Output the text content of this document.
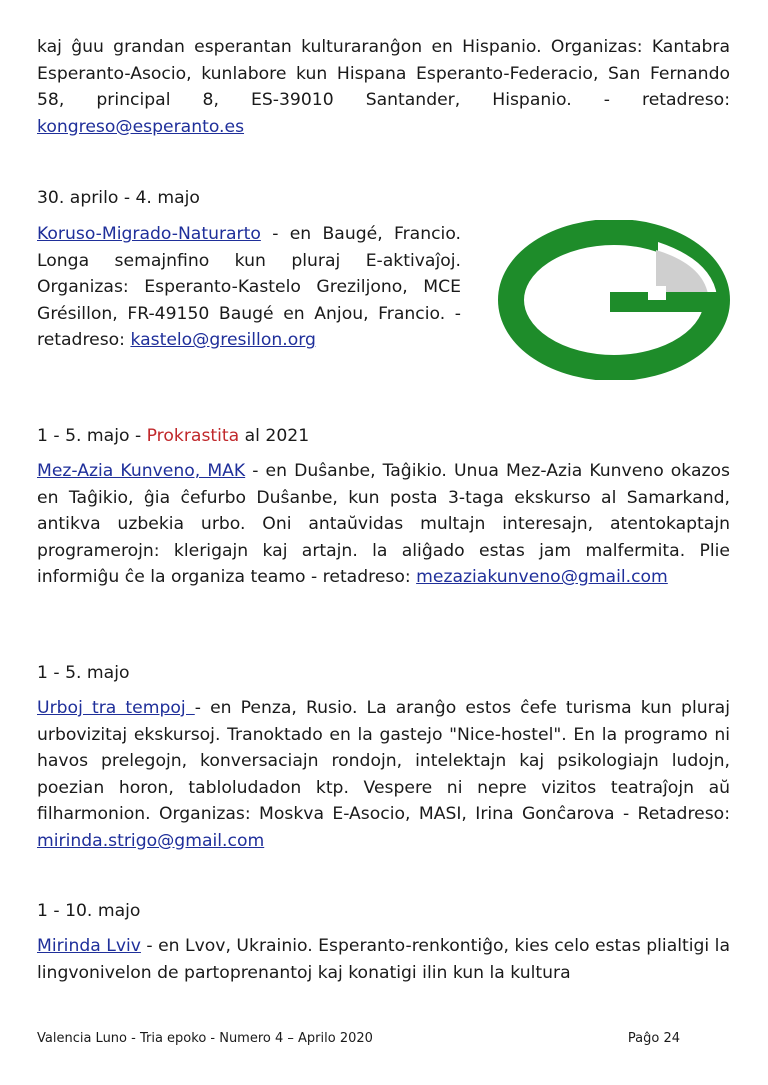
kaj ĝuu grandan esperantan kulturaranĝon en Hispanio. Organizas: Kantabra Esperanto-Asocio, kunlabore kun Hispana Esperanto-Federacio, San Fernando 58, principal 8, ES-39010 Santander, Hispanio. - retadreso: kongreso@esperanto.es

30. aprilo - 4. majo

Koruso-Migrado-Naturarto - en Baugé, Francio. Longa semajnfino kun pluraj E-aktivaĵoj. Organizas: Esperanto-Kastelo Greziljono, MCE Grésillon, FR-49150 Baugé en Anjou, Francio. - retadreso: kastelo@gresillon.org

1 - 5. majo - Prokrastita al 2021

Mez-Azia Kunveno, MAK - en Duŝanbe, Taĝikio. Unua Mez-Azia Kunveno okazos en Taĝikio, ĝia ĉefurbo Duŝanbe, kun posta 3-taga ekskurso al Samarkand, antikva uzbekia urbo. Oni antaŭvidas multajn interesajn, atentokaptajn programerojn: klerigajn kaj artajn. la aliĝado estas jam malfermita. Plie informiĝu ĉe la organiza teamo - retadreso: mezaziakunveno@gmail.com

1 - 5. majo

Urboj tra tempoj - en Penza, Rusio. La aranĝo estos ĉefe turisma kun pluraj urbovizitaj ekskursoj. Tranoktado en la gastejo "Nice-hostel". En la programo ni havos prelegojn, konversaciajn rondojn, intelektajn kaj psikologiajn ludojn, poezian horon, tabloludadon ktp. Vespere ni nepre vizitos teatraĵojn aŭ filharmonion. Organizas: Moskva E-Asocio, MASI, Irina Gonĉarova - Retadreso: mirinda.strigo@gmail.com

1 - 10. majo

Mirinda Lviv - en Lvov, Ukrainio. Esperanto-renkontiĝo, kies celo estas plialtigi la lingvonivelon de partoprenantoj kaj konatigi ilin kun la kultura

Valencia Luno - Tria epoko - Numero 4 – Aprilo 2020	Paĝo 24
